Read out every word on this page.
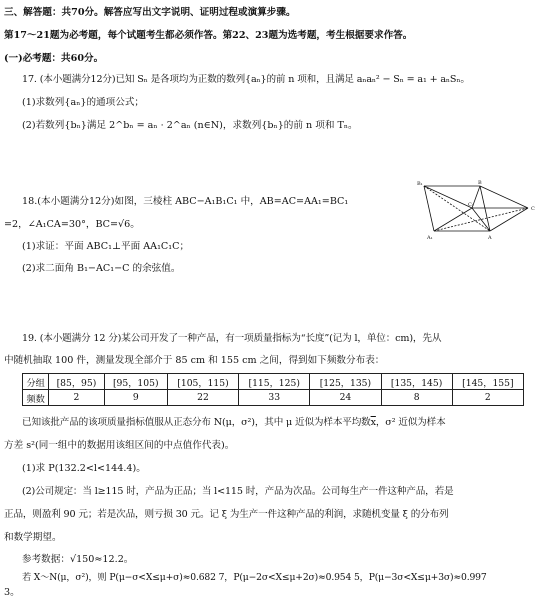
三、解答题：共70分。解答应写出文字说明、证明过程或演算步骤。
第17～21题为必考题，每个试题考生都必须作答。第22、23题为选考题，考生根据要求作答。
(一)必考题：共60分。
17. (本小题满分12分)已知 Sₙ 是各项均为正数的数列{aₙ}的前 n 项和，且满足 aₙaₙ² − Sₙ = a₁ + aₙSₙ。
(1)求数列{aₙ}的通项公式；
(2)若数列{bₙ}满足 2^bₙ = aₙ · 2^aₙ (n∈N)，求数列{bₙ}的前 n 项和 Tₙ。
18.(本小题满分12分)如图，三棱柱 ABC−A₁B₁C₁ 中，AB=AC=AA₁=BC₁
=2，∠A₁CA=30°，BC=√6。
(1)求证：平面 ABC₁⊥平面 AA₁C₁C；
(2)求二面角 B₁−AC₁−C 的余弦值。
B₁	B
C₁
C
A₁	A
19. (本小题满分 12 分)某公司开发了一种产品，有一项质量指标为“长度”(记为 l，单位：cm)，先从
中随机抽取 100 件，测量发现全部介于 85 cm 和 155 cm 之间，得到如下频数分布表：
分组	[85，95)	[95，105)	[105，115)	[115，125)	[125，135)	[135，145)	[145，155]
频数	2	9	22	33	24	8	2
已知该批产品的该项质量指标值服从正态分布 N(μ，σ²)，其中 μ 近似为样本平均数$\overline{x}$，σ² 近似为样本
方差 s²(同一组中的数据用该组区间的中点值作代表)。
(1)求 P(132.2<l<144.4)。
(2)公司规定：当 l≥115 时，产品为正品；当 l<115 时，产品为次品。公司每生产一件这种产品，若是
正品，则盈利 90 元；若是次品，则亏损 30 元。记 ξ 为生产一件这种产品的利润，求随机变量 ξ 的分布列
和数学期望。
参考数据：√150≈12.2。
若 X～N(μ，σ²)，则 P(μ−σ<X≤μ+σ)≈0.682 7，P(μ−2σ<X≤μ+2σ)≈0.954 5，P(μ−3σ<X≤μ+3σ)≈0.997
3。
